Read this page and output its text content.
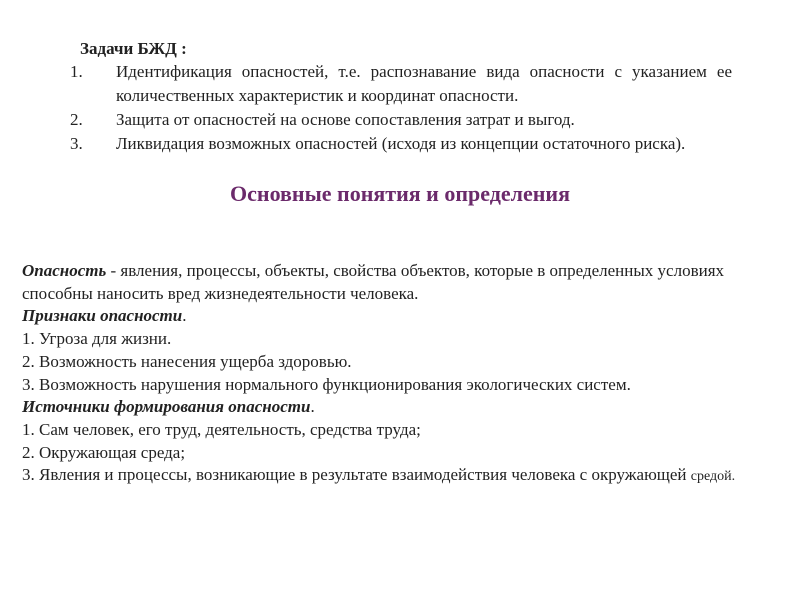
Задачи БЖД :
1.	Идентификация опасностей, т.е. распознавание вида опасности с указанием ее количественных характеристик и координат опасности.
2.	Защита от опасностей на основе сопоставления затрат и выгод.
3.	Ликвидация возможных опасностей (исходя из концепции остаточного риска).
Основные понятия и определения

Опасность - явления, процессы, объекты, свойства объектов, которые в определенных условиях способны наносить вред жизнедеятельности человека.

Признаки опасности.

1. Угроза для жизни.

2. Возможность нанесения ущерба здоровью.

3. Возможность нарушения нормального функционирования экологических систем.

Источники формирования опасности.

1. Сам человек, его труд, деятельность, средства труда;

2. Окружающая среда;

3. Явления и процессы, возникающие в результате взаимодействия человека с окружающей средой.
